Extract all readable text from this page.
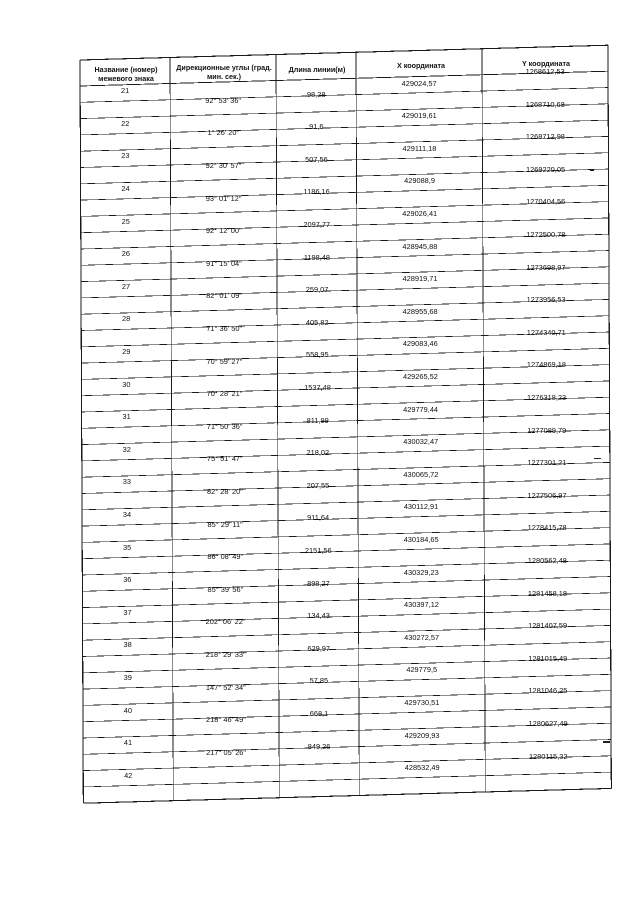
Название (номер) межевого знака
Дирекционные углы (град. мин. сек.)
Длина линии(м)	X координата	Y координата
21
429024,57
1268612,53
22
429019,61
1268710,68
23
429111,18
1268712,98
24
429088,9
1269220,05
25
429026,41
1270404,56
26
428945,88
1272500,78
27
428919,71
1273698,97
28
428955,68
1273956,53
29
429083,46
1274340,71
30
429265,52
1274869,18
31
429779,44
1276318,23
32
430032,47
1277089,79
33
430065,72
1277301,21
34
430112,91
1277506,97
35
430184,65
1278415,78
36
430329,23
1280562,48
37
430397,12
1281458,18
38
430272,57
1281407,59
39
429779,5
1281015,49
40
429730,51
1281046,25
41
429209,93
1280627,49
42
428532,49
1280115,32
92° 53' 36"
98,28
1° 26' 20"
91,6
92° 30' 57"
507,56
93° 01' 12"
1186,16
92° 12' 00"
2097,77
91° 15' 04"
1198,48
82° 01' 09"
259,07
71° 36' 50"
405,82
70° 59' 27"
558,95
70° 28' 21"
1537,48
71° 50' 36"
811,99
75° 51' 47"
218,02
82° 28' 20"
207,55
85° 29' 11"
911,64
86° 08' 49"
2151,56
85° 39' 56"
898,27
202° 06' 22"
134,43
218° 29' 33"
629,97
147° 52' 34"
57,85
218° 46' 49"
668,1
217° 05' 26"
849,26
